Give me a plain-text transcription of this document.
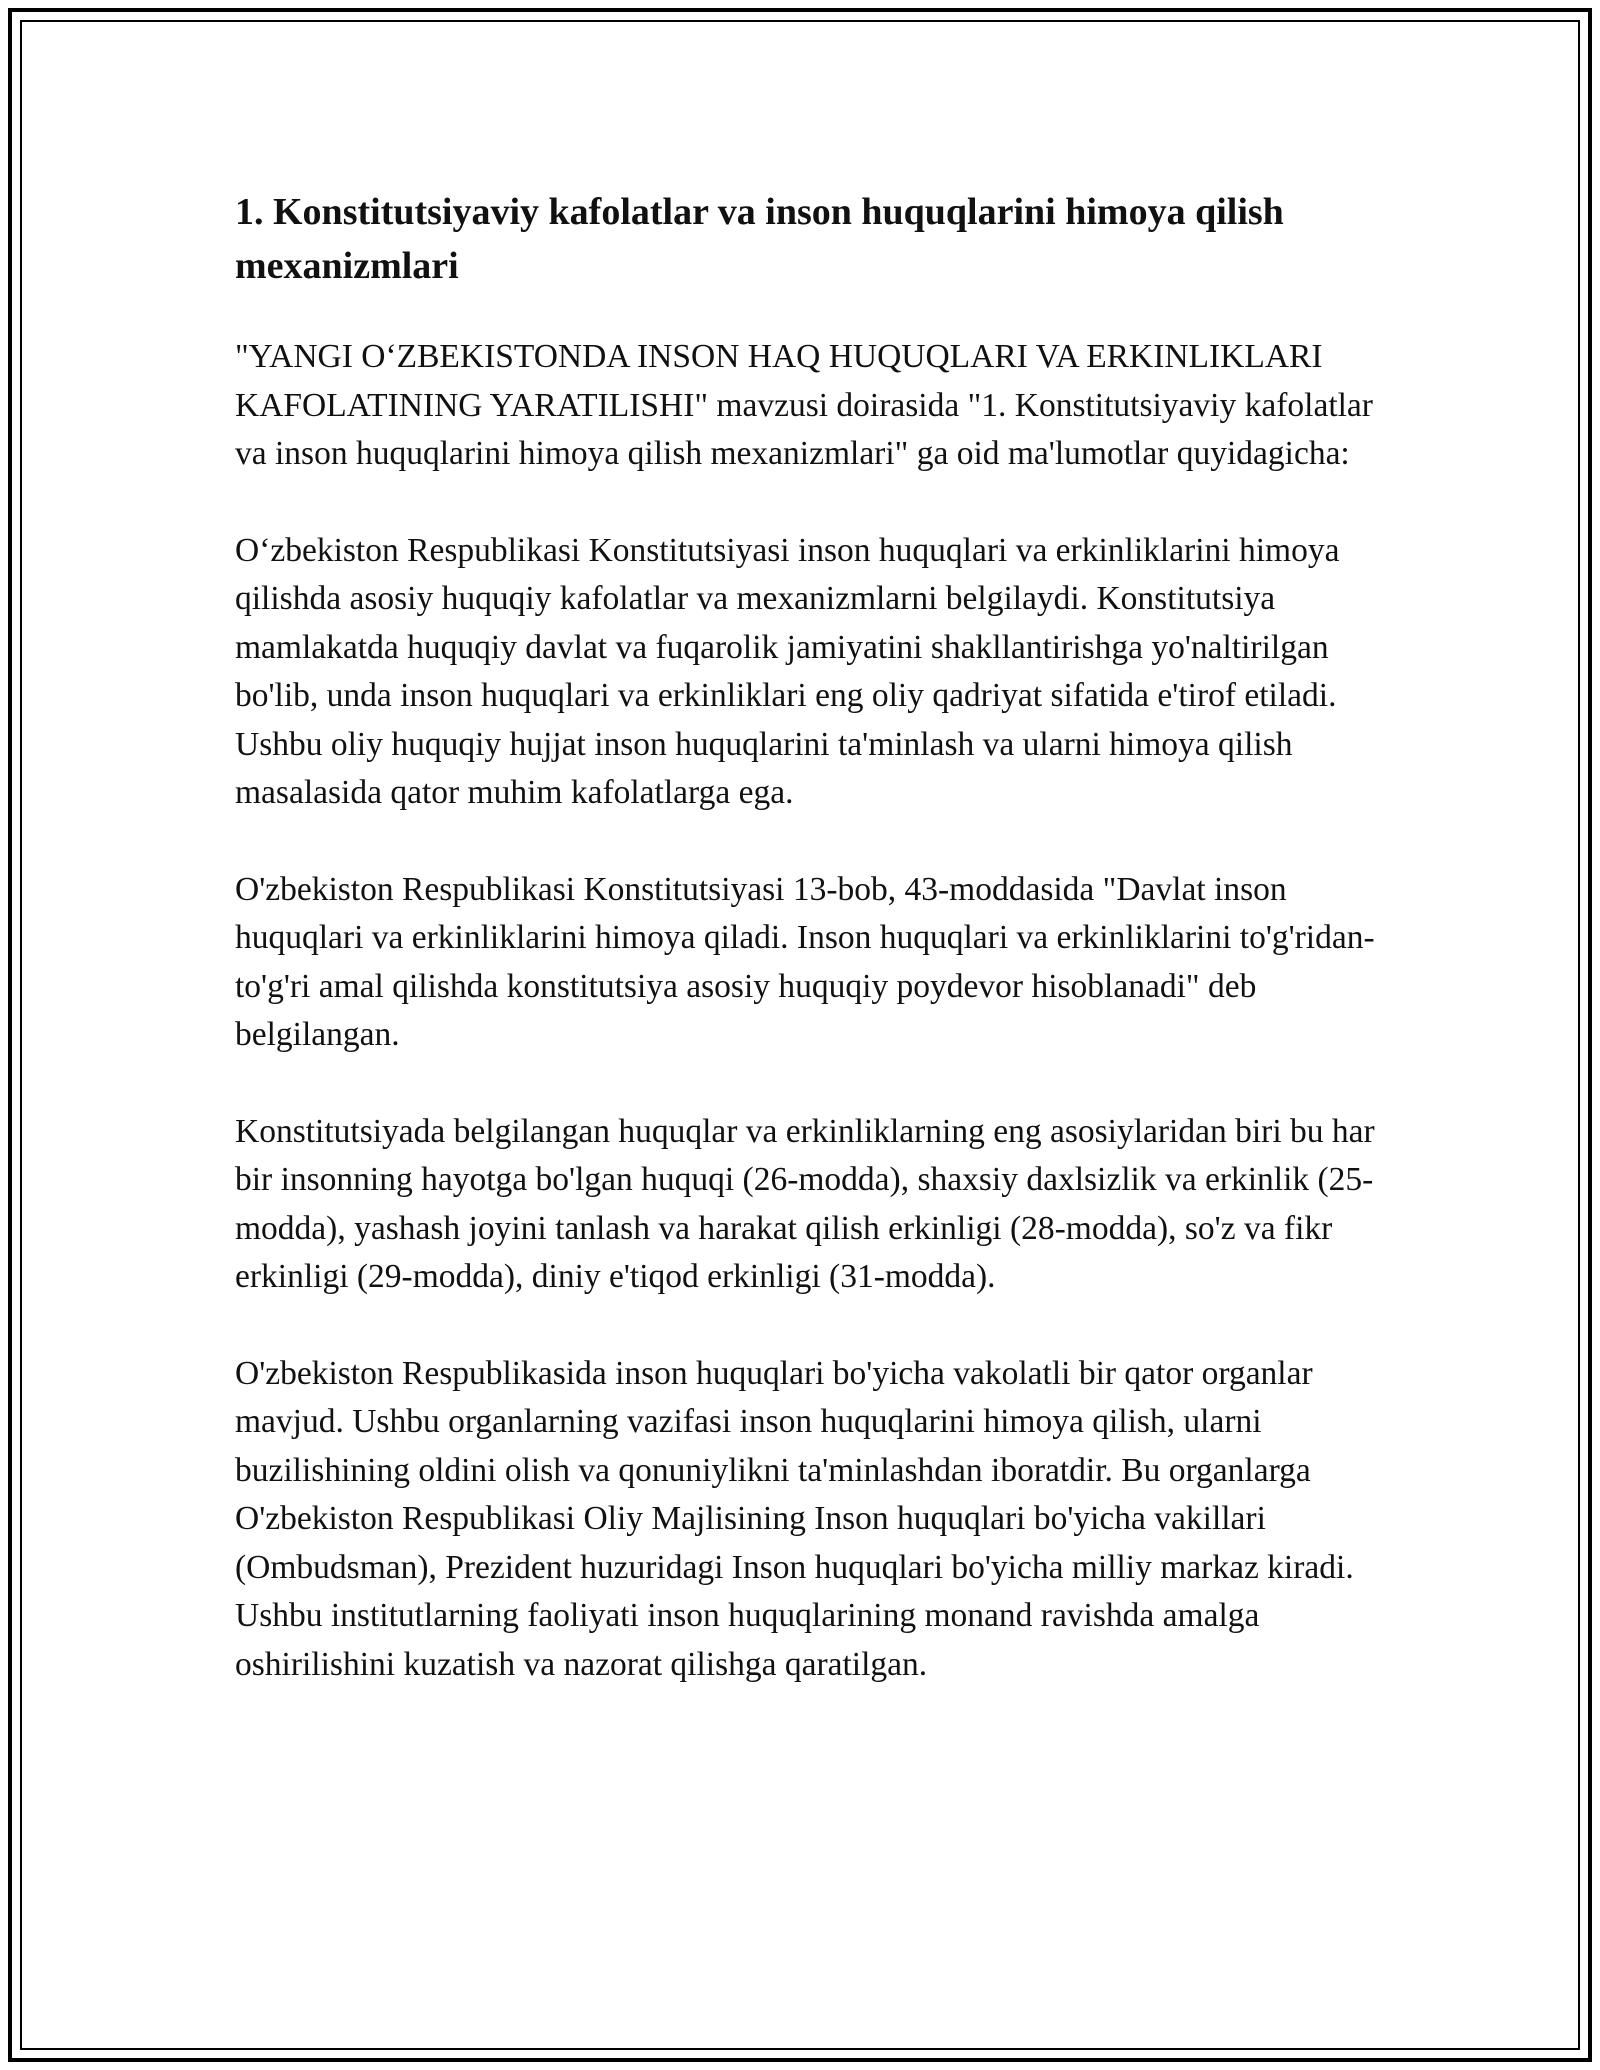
1. Konstitutsiyaviy kafolatlar va inson huquqlarini himoya qilish mexanizmlari

"YANGI O‘ZBEKISTONDA INSON HAQ HUQUQLARI VA ERKINLIKLARI KAFOLATINING YARATILISHI" mavzusi doirasida "1. Konstitutsiyaviy kafolatlar va inson huquqlarini himoya qilish mexanizmlari" ga oid ma'lumotlar quyidagicha:

O‘zbekiston Respublikasi Konstitutsiyasi inson huquqlari va erkinliklarini himoya qilishda asosiy huquqiy kafolatlar va mexanizmlarni belgilaydi. Konstitutsiya mamlakatda huquqiy davlat va fuqarolik jamiyatini shakllantirishga yo'naltirilgan bo'lib, unda inson huquqlari va erkinliklari eng oliy qadriyat sifatida e'tirof etiladi. Ushbu oliy huquqiy hujjat inson huquqlarini ta'minlash va ularni himoya qilish masalasida qator muhim kafolatlarga ega.

O'zbekiston Respublikasi Konstitutsiyasi 13-bob, 43-moddasida "Davlat inson huquqlari va erkinliklarini himoya qiladi. Inson huquqlari va erkinliklarini to'g'ridan-to'g'ri amal qilishda konstitutsiya asosiy huquqiy poydevor hisoblanadi" deb belgilangan.

Konstitutsiyada belgilangan huquqlar va erkinliklarning eng asosiylaridan biri bu har bir insonning hayotga bo'lgan huquqi (26-modda), shaxsiy daxlsizlik va erkinlik (25-modda), yashash joyini tanlash va harakat qilish erkinligi (28-modda), so'z va fikr erkinligi (29-modda), diniy e'tiqod erkinligi (31-modda).

O'zbekiston Respublikasida inson huquqlari bo'yicha vakolatli bir qator organlar mavjud. Ushbu organlarning vazifasi inson huquqlarini himoya qilish, ularni buzilishining oldini olish va qonuniylikni ta'minlashdan iboratdir. Bu organlarga O'zbekiston Respublikasi Oliy Majlisining Inson huquqlari bo'yicha vakillari (Ombudsman), Prezident huzuridagi Inson huquqlari bo'yicha milliy markaz kiradi. Ushbu institutlarning faoliyati inson huquqlarining monand ravishda amalga oshirilishini kuzatish va nazorat qilishga qaratilgan.
